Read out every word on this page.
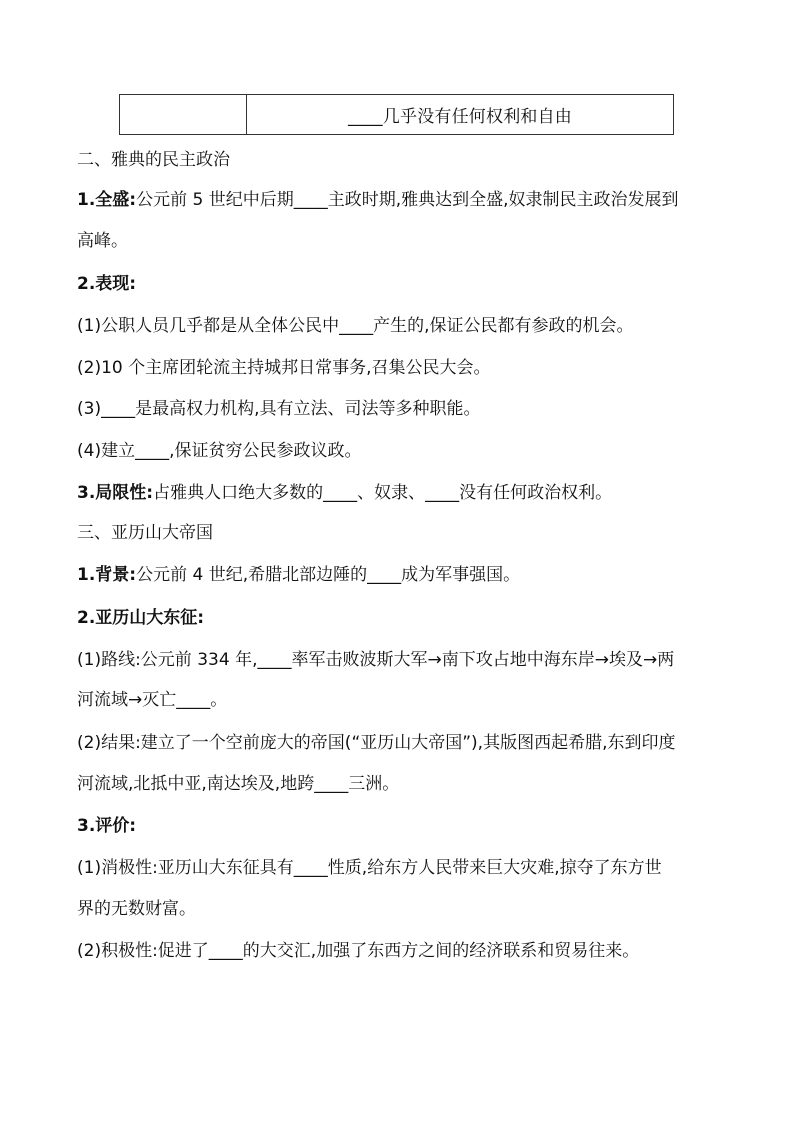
____几乎没有任何权利和自由
二、雅典的民主政治
1.全盛:公元前 5 世纪中后期____主政时期,雅典达到全盛,奴隶制民主政治发展到
高峰。
2.表现:
(1)公职人员几乎都是从全体公民中____产生的,保证公民都有参政的机会。
(2)10 个主席团轮流主持城邦日常事务,召集公民大会。
(3)____是最高权力机构,具有立法、司法等多种职能。
(4)建立____,保证贫穷公民参政议政。
3.局限性:占雅典人口绝大多数的____、奴隶、____没有任何政治权利。
三、亚历山大帝国
1.背景:公元前 4 世纪,希腊北部边陲的____成为军事强国。
2.亚历山大东征:
(1)路线:公元前 334 年,____率军击败波斯大军→南下攻占地中海东岸→埃及→两
河流域→灭亡____。
(2)结果:建立了一个空前庞大的帝国(“亚历山大帝国”),其版图西起希腊,东到印度
河流域,北抵中亚,南达埃及,地跨____三洲。
3.评价:
(1)消极性:亚历山大东征具有____性质,给东方人民带来巨大灾难,掠夺了东方世
界的无数财富。
(2)积极性:促进了____的大交汇,加强了东西方之间的经济联系和贸易往来。
